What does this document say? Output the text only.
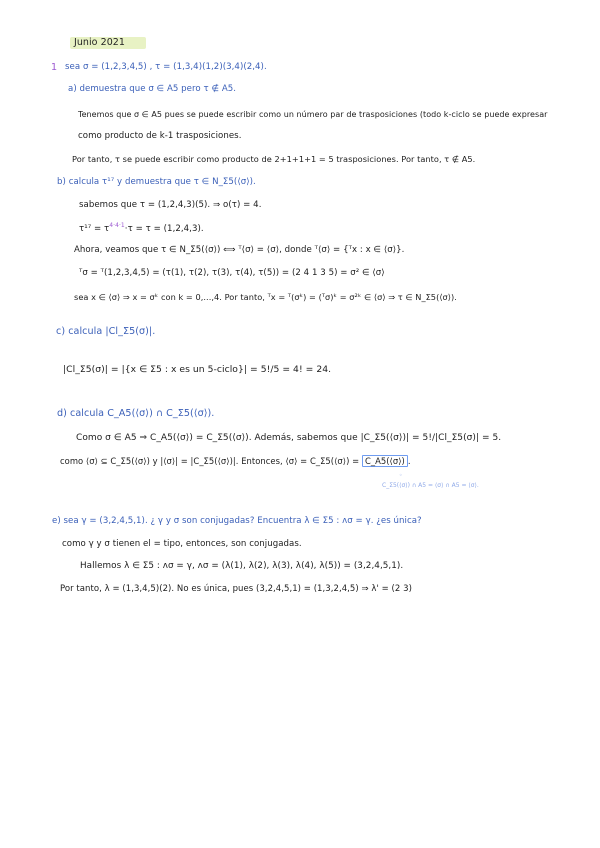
Junio 2021
1 sea σ = (1,2,3,4,5) , τ = (1,3,4)(1,2)(3,4)(2,4).
a) demuestra que σ ∈ A5 pero τ ∉ A5.
Tenemos que σ ∈ A5 pues se puede escribir como un número par de trasposiciones (todo k-ciclo se puede expresar
como producto de k-1 trasposiciones.
Por tanto, τ se puede escribir como producto de 2+1+1+1 = 5 trasposiciones. Por tanto, τ ∉ A5.
b) calcula τ¹⁷ y demuestra que τ ∈ N_Σ5(⟨σ⟩).
sabemos que τ = (1,2,4,3)(5). ⇒ o(τ) = 4.
$\tau^{17} = \tau^{4\cdot 4\cdot 1}\cdot\tau = \tau = (1,2,4,3)$.
Ahora, veamos que τ ∈ N_Σ5(⟨σ⟩) ⟺ ᵀ⟨σ⟩ = ⟨σ⟩, donde ᵀ⟨σ⟩ = {ᵀx : x ∈ ⟨σ⟩}.
ᵀσ = ᵀ(1,2,3,4,5) = (τ(1), τ(2), τ(3), τ(4), τ(5)) = (2 4 1 3 5) = σ² ∈ ⟨σ⟩
sea x ∈ ⟨σ⟩ ⇒ x = σᵏ con k = 0,...,4. Por tanto, ᵀx = ᵀ(σᵏ) = (ᵀσ)ᵏ = σ²ᵏ ∈ ⟨σ⟩ ⇒ τ ∈ N_Σ5(⟨σ⟩).
c) calcula |Cl_Σ5(σ)|.
|Cl_Σ5(σ)| = |{x ∈ Σ5 : x es un 5-ciclo}| = 5!/5 = 4! = 24.
d) calcula C_A5(⟨σ⟩) ∩ C_Σ5(⟨σ⟩).
Como σ ∈ A5 ⇒ C_A5(⟨σ⟩) = C_Σ5(⟨σ⟩). Además, sabemos que |C_Σ5(⟨σ⟩)| = 5!/|Cl_Σ5(σ)| = 5.
como ⟨σ⟩ ⊆ C_Σ5(⟨σ⟩) y |⟨σ⟩| = |C_Σ5(⟨σ⟩)|. Entonces, ⟨σ⟩ = C_Σ5(⟨σ⟩) = C_A5(⟨σ⟩) .
◦
C_Σ5(⟨σ⟩) ∩ A5 = ⟨σ⟩ ∩ A5 = ⟨σ⟩.
e) sea γ = (3,2,4,5,1). ¿ γ y σ son conjugadas? Encuentra λ ∈ Σ5 : ᴧσ = γ. ¿es única?
como γ y σ tienen el = tipo, entonces, son conjugadas.
Hallemos λ ∈ Σ5 : ᴧσ = γ, ᴧσ = (λ(1), λ(2), λ(3), λ(4), λ(5)) = (3,2,4,5,1).
Por tanto, λ = (1,3,4,5)(2). No es única, pues (3,2,4,5,1) = (1,3,2,4,5) ⇒ λ' = (2 3)
